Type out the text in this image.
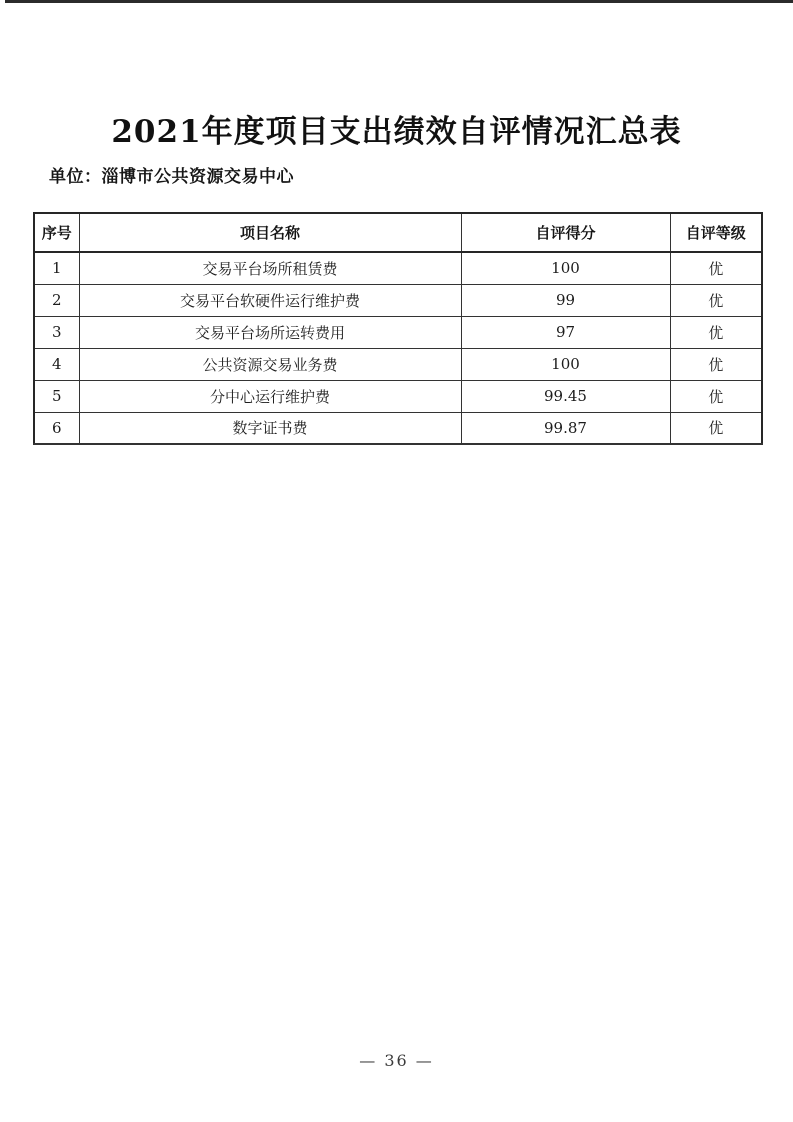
2021年度项目支出绩效自评情况汇总表
单位：淄博市公共资源交易中心
序号	项目名称	自评得分	自评等级
1	交易平台场所租赁费	100	优
2	交易平台软硬件运行维护费	99	优
3	交易平台场所运转费用	97	优
4	公共资源交易业务费	100	优
5	分中心运行维护费	99.45	优
6	数字证书费	99.87	优
— 36 —
